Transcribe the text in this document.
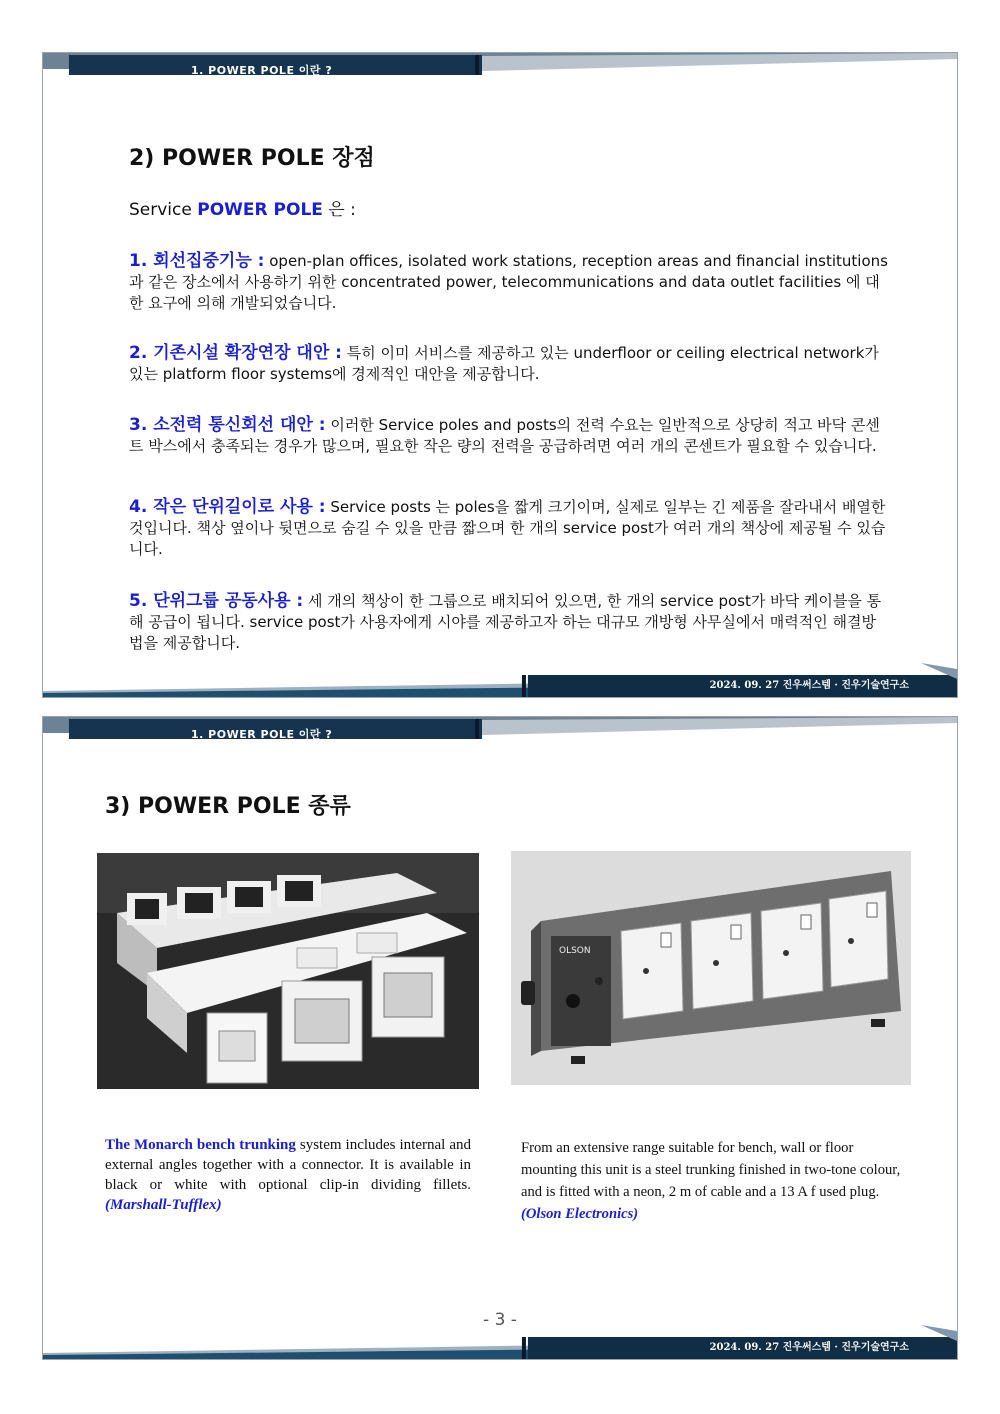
1. POWER POLE 이란 ?
2) POWER POLE 장점
Service POWER POLE 은 :
1. 회선집중기능 : open-plan offices, isolated work stations, reception areas and financial institutions과 같은 장소에서 사용하기 위한 concentrated power, telecommunications and data outlet facilities 에 대한 요구에 의해 개발되었습니다.
2. 기존시설 확장연장 대안 : 특히 이미 서비스를 제공하고 있는 underfloor or ceiling electrical network가 있는 platform floor systems에 경제적인 대안을 제공합니다.
3. 소전력 통신회선 대안 : 이러한 Service poles and posts의 전력 수요는 일반적으로 상당히 적고 바닥 콘센트 박스에서 충족되는 경우가 많으며, 필요한 작은 량의 전력을 공급하려면 여러 개의 콘센트가 필요할 수 있습니다.
4. 작은 단위길이로 사용 : Service posts 는 poles을 짧게 크기이며, 실제로 일부는 긴 제품을 잘라내서 배열한 것입니다. 책상 옆이나 뒷면으로 숨길 수 있을 만큼 짧으며 한 개의 service post가 여러 개의 책상에 제공될 수 있습니다.
5. 단위그룹 공동사용 : 세 개의 책상이 한 그룹으로 배치되어 있으면, 한 개의 service post가 바닥 케이블을 통해 공급이 됩니다. service post가 사용자에게 시야를 제공하고자 하는 대규모 개방형 사무실에서 매력적인 해결방법을 제공합니다.
2024. 09. 27 진우써스템 · 진우기술연구소
1. POWER POLE 이란 ?
3) POWER POLE 종류
OLSON
The Monarch bench trunking system includes internal and external angles together with a connector. It is available in black or white with optional clip-in dividing fillets. (Marshall-Tufflex)
From an extensive range suitable for bench, wall or floor mounting this unit is a steel trunking finished in two-tone colour, and is fitted with a neon, 2 m of cable and a 13 A f used plug. (Olson Electronics)
- 3 -
2024. 09. 27 진우써스템 · 진우기술연구소
